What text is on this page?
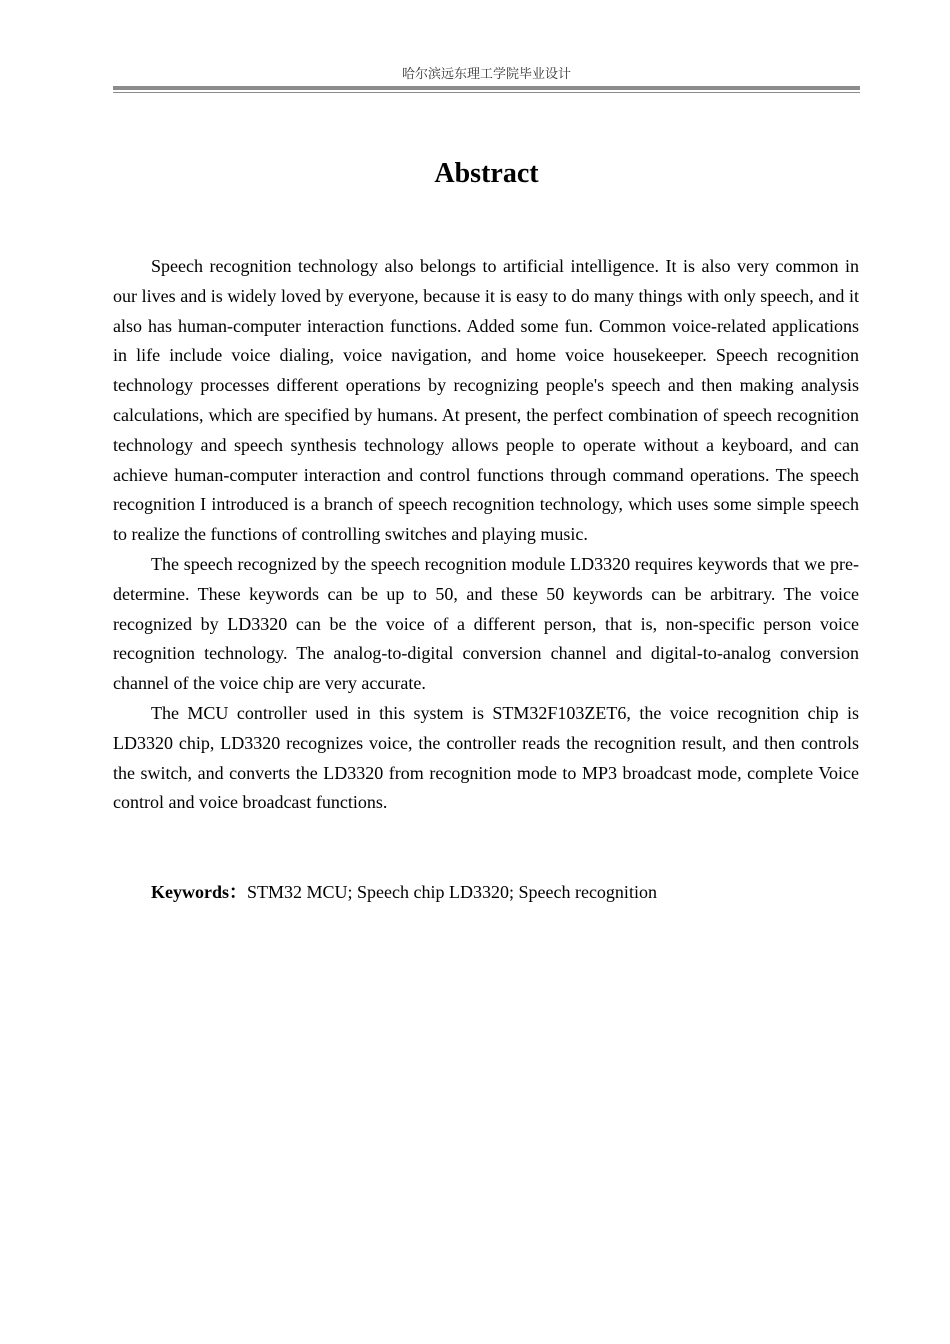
哈尔滨远东理工学院毕业设计
Abstract

Speech recognition technology also belongs to artificial intelligence. It is also very common in our lives and is widely loved by everyone, because it is easy to do many things with only speech, and it also has human-computer interaction functions. Added some fun. Common voice-related applications in life include voice dialing, voice navigation, and home voice housekeeper. Speech recognition technology processes different operations by recognizing people's speech and then making analysis calculations, which are specified by humans. At present, the perfect combination of speech recognition technology and speech synthesis technology allows people to operate without a keyboard, and can achieve human-computer interaction and control functions through command operations. The speech recognition I introduced is a branch of speech recognition technology, which uses some simple speech to realize the functions of controlling switches and playing music.

The speech recognized by the speech recognition module LD3320 requires keywords that we pre-determine. These keywords can be up to 50, and these 50 keywords can be arbitrary. The voice recognized by LD3320 can be the voice of a different person, that is, non-specific person voice recognition technology. The analog-to-digital conversion channel and digital-to-analog conversion channel of the voice chip are very accurate.

The MCU controller used in this system is STM32F103ZET6, the voice recognition chip is LD3320 chip, LD3320 recognizes voice, the controller reads the recognition result, and then controls the switch, and converts the LD3320 from recognition mode to MP3 broadcast mode, complete Voice control and voice broadcast functions.

Keywords：STM32 MCU; Speech chip LD3320; Speech recognition
